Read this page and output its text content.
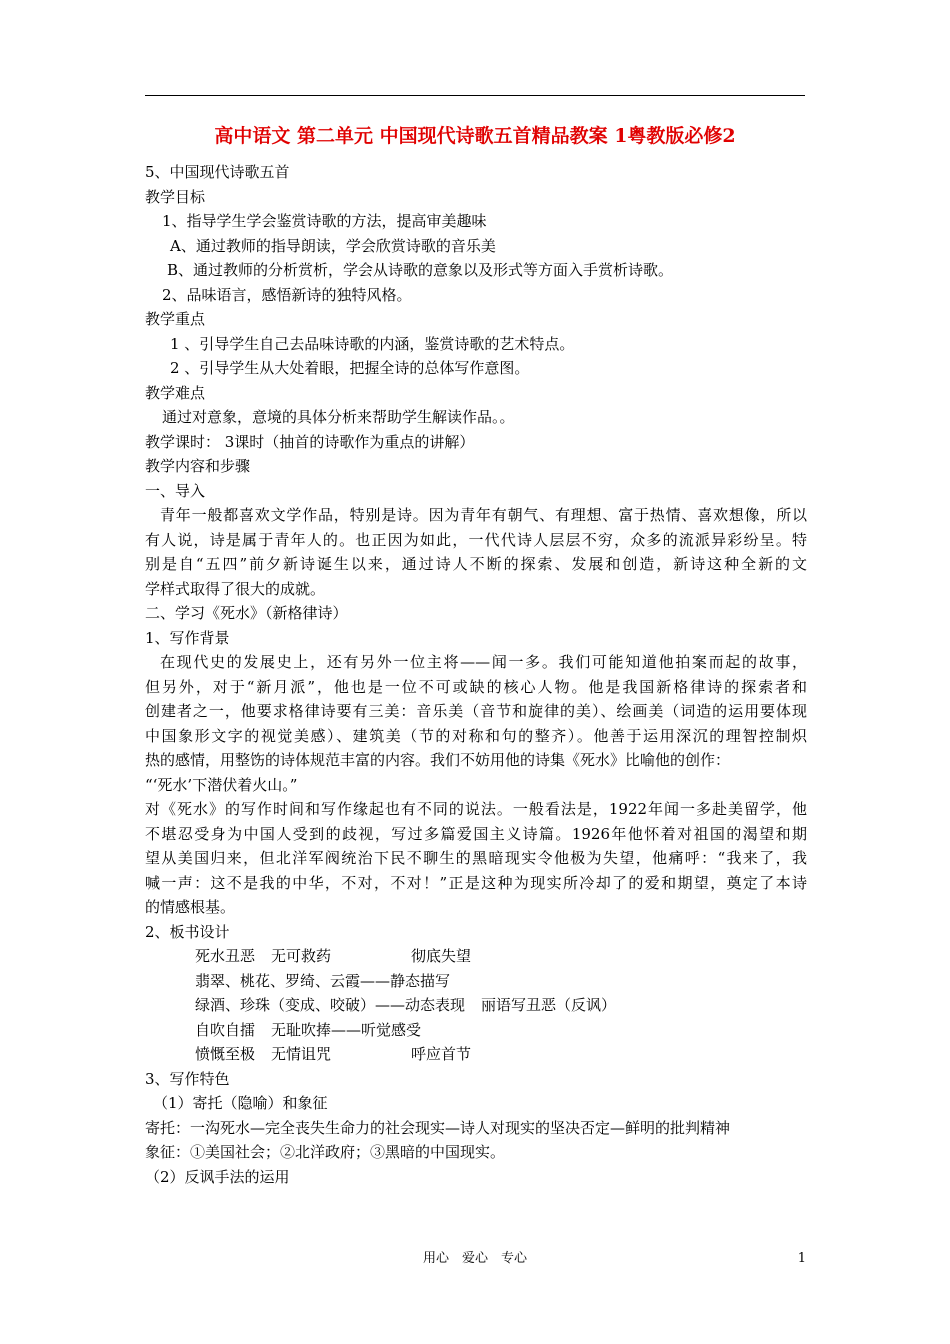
高中语文 第二单元 中国现代诗歌五首精品教案 1粤教版必修2
5、中国现代诗歌五首
教学目标
1、指导学生学会鉴赏诗歌的方法，提高审美趣味
A、通过教师的指导朗读，学会欣赏诗歌的音乐美
B、通过教师的分析赏析，学会从诗歌的意象以及形式等方面入手赏析诗歌。
2、品味语言，感悟新诗的独特风格。
教学重点
1 、引导学生自己去品味诗歌的内涵，鉴赏诗歌的艺术特点。
2 、引导学生从大处着眼，把握全诗的总体写作意图。
教学难点
通过对意象，意境的具体分析来帮助学生解读作品。。
教学课时： 3课时（抽首的诗歌作为重点的讲解）
教学内容和步骤
一、导入
青年一般都喜欢文学作品，特别是诗。因为青年有朝气、有理想、富于热情、喜欢想像，所以
有人说，诗是属于青年人的。也正因为如此，一代代诗人层层不穷，众多的流派异彩纷呈。特
别是自“五四”前夕新诗诞生以来，通过诗人不断的探索、发展和创造，新诗这种全新的文
学样式取得了很大的成就。
二、学习《死水》（新格律诗）
1、写作背景
在现代史的发展史上，还有另外一位主将——闻一多。我们可能知道他拍案而起的故事，
但另外，对于“新月派”，他也是一位不可或缺的核心人物。他是我国新格律诗的探索者和
创建者之一，他要求格律诗要有三美：音乐美（音节和旋律的美）、绘画美（词造的运用要体现
中国象形文字的视觉美感）、建筑美（节的对称和句的整齐）。他善于运用深沉的理智控制炽
热的感情，用整饬的诗体规范丰富的内容。我们不妨用他的诗集《死水》比喻他的创作：
“‘死水’下潜伏着火山。”
对《死水》的写作时间和写作缘起也有不同的说法。一般看法是，1922年闻一多赴美留学，他
不堪忍受身为中国人受到的歧视，写过多篇爱国主义诗篇。1926年他怀着对祖国的渴望和期
望从美国归来，但北洋军阀统治下民不聊生的黑暗现实令他极为失望，他痛呼：“我来了，我
喊一声：这不是我的中华，不对，不对！”正是这种为现实所冷却了的爱和期望，奠定了本诗
的情感根基。
2、板书设计
死水丑恶 无可救药	彻底失望
翡翠、桃花、罗绮、云霞——静态描写
绿酒、珍珠（变成、咬破）——动态表现 丽语写丑恶（反讽）
自吹自擂 无耻吹捧——听觉感受
愤慨至极 无情诅咒	呼应首节
3、写作特色
（1）寄托（隐喻）和象征
寄托：一沟死水—完全丧失生命力的社会现实—诗人对现实的坚决否定—鲜明的批判精神
象征：①美国社会；②北洋政府；③黑暗的中国现实。
（2）反讽手法的运用
用心　爱心　专心	1
